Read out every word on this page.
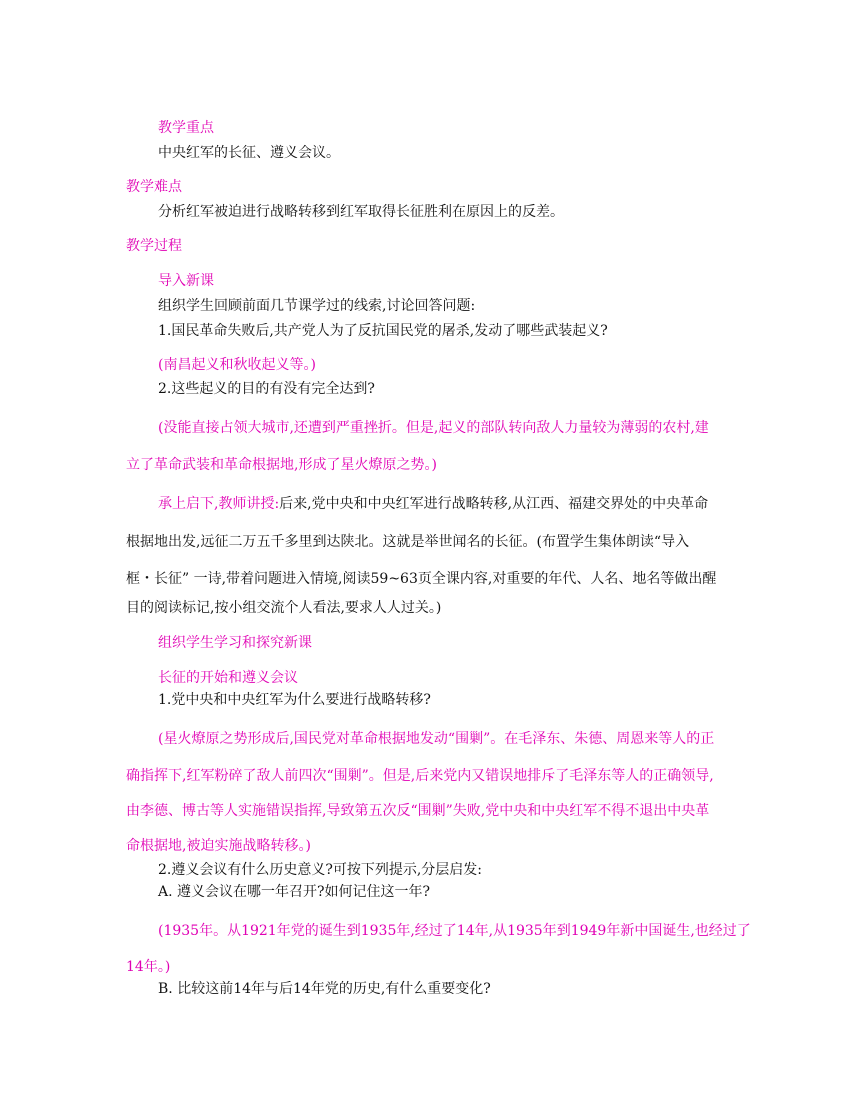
教学重点
中央红军的长征、遵义会议。
教学难点
分析红军被迫进行战略转移到红军取得长征胜利在原因上的反差。
教学过程
导入新课
组织学生回顾前面几节课学过的线索,讨论回答问题:
1.国民革命失败后,共产党人为了反抗国民党的屠杀,发动了哪些武装起义?
(南昌起义和秋收起义等。)
2.这些起义的目的有没有完全达到?
(没能直接占领大城市,还遭到严重挫折。但是,起义的部队转向敌人力量较为薄弱的农村,建
立了革命武装和革命根据地,形成了星火燎原之势。)
承上启下,教师讲授:后来,党中央和中央红军进行战略转移,从江西、福建交界处的中央革命
根据地出发,远征二万五千多里到达陕北。这就是举世闻名的长征。(布置学生集体朗读“导入
框・长征” 一诗,带着问题进入情境,阅读59~63页全课内容,对重要的年代、人名、地名等做出醒
目的阅读标记,按小组交流个人看法,要求人人过关。)
组织学生学习和探究新课
长征的开始和遵义会议
1.党中央和中央红军为什么要进行战略转移?
(星火燎原之势形成后,国民党对革命根据地发动“围剿”。在毛泽东、朱德、周恩来等人的正
确指挥下,红军粉碎了敌人前四次“围剿”。但是,后来党内又错误地排斥了毛泽东等人的正确领导,
由李德、博古等人实施错误指挥,导致第五次反“围剿”失败,党中央和中央红军不得不退出中央革
命根据地,被迫实施战略转移。)
2.遵义会议有什么历史意义?可按下列提示,分层启发:
A. 遵义会议在哪一年召开?如何记住这一年?
(1935年。从1921年党的诞生到1935年,经过了14年,从1935年到1949年新中国诞生,也经过了
14年。)
B. 比较这前14年与后14年党的历史,有什么重要变化?
